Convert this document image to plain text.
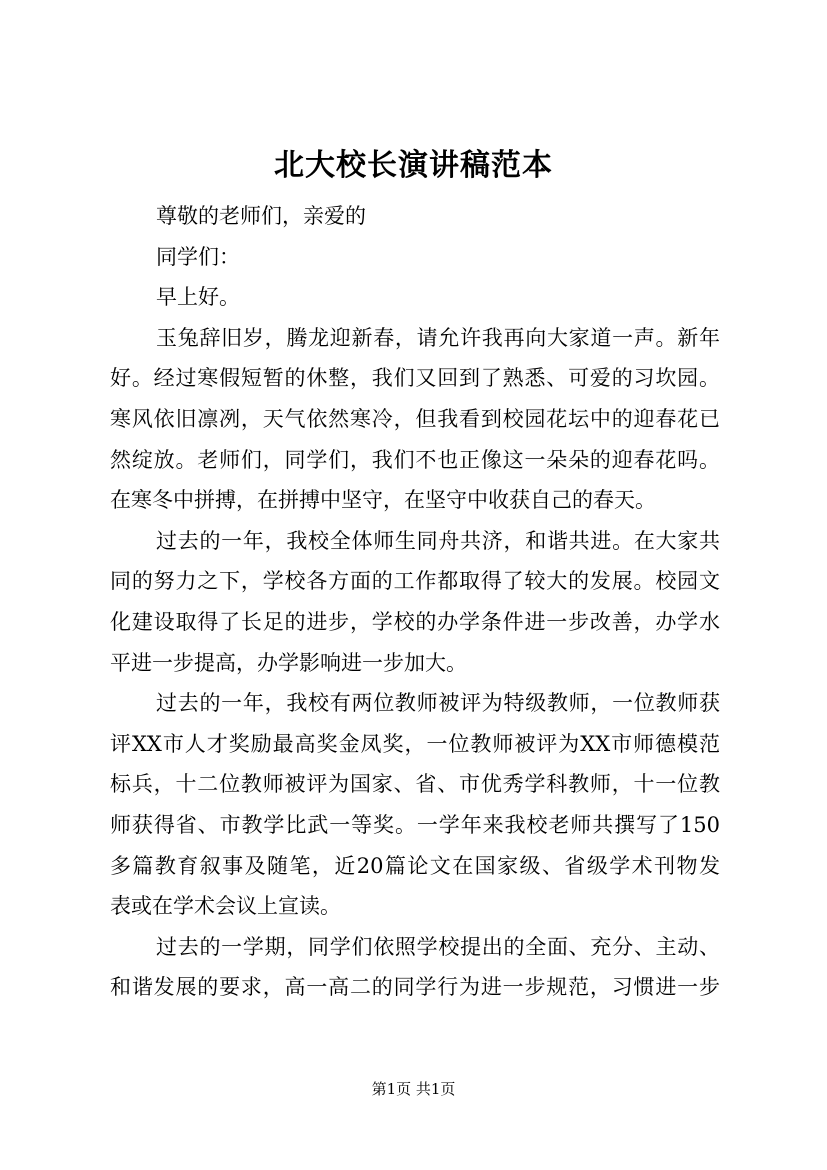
北大校长演讲稿范本
尊敬的老师们，亲爱的
同学们：
早上好。
玉兔辞旧岁，腾龙迎新春，请允许我再向大家道一声。新年
好。经过寒假短暂的休整，我们又回到了熟悉、可爱的习坎园。
寒风依旧凛冽，天气依然寒冷，但我看到校园花坛中的迎春花已
然绽放。老师们，同学们，我们不也正像这一朵朵的迎春花吗。
在寒冬中拼搏，在拼搏中坚守，在坚守中收获自己的春天。
过去的一年，我校全体师生同舟共济，和谐共进。在大家共
同的努力之下，学校各方面的工作都取得了较大的发展。校园文
化建设取得了长足的进步，学校的办学条件进一步改善，办学水
平进一步提高，办学影响进一步加大。
过去的一年，我校有两位教师被评为特级教师，一位教师获
评XX市人才奖励最高奖金凤奖，一位教师被评为XX市师德模范
标兵，十二位教师被评为国家、省、市优秀学科教师，十一位教
师获得省、市教学比武一等奖。一学年来我校老师共撰写了150
多篇教育叙事及随笔，近20篇论文在国家级、省级学术刊物发
表或在学术会议上宣读。
过去的一学期，同学们依照学校提出的全面、充分、主动、
和谐发展的要求，高一高二的同学行为进一步规范，习惯进一步
第1页 共1页
